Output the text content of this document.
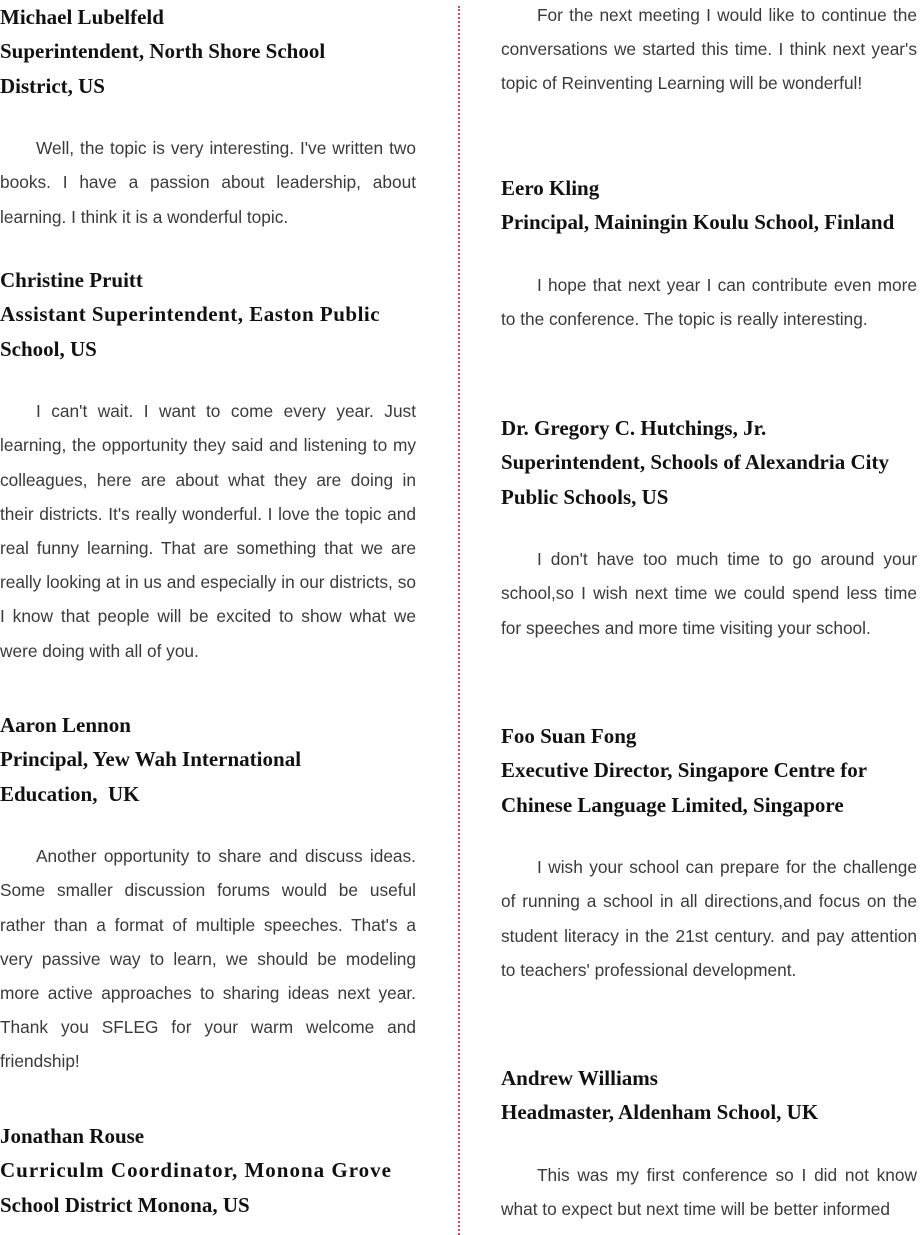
Michael Lubelfeld
Superintendent, North Shore School
District, US

Well, the topic is very interesting. I've written two books. I have a passion about leadership, about learning. I think it is a wonderful topic.

Christine Pruitt
Assistant Superintendent, Easton Public
School, US

I can't wait. I want to come every year. Just learning, the opportunity they said and listening to my colleagues, here are about what they are doing in their districts. It's really wonderful. I love the topic and real funny learning. That are something that we are really looking at in us and especially in our districts, so I know that people will be excited to show what we were doing with all of you.

Aaron Lennon
Principal, Yew Wah International
Education,  UK

Another opportunity to share and discuss ideas. Some smaller discussion forums would be useful rather than a format of multiple speeches. That's a very passive way to learn, we should be modeling more active approaches to sharing ideas next year. Thank you SFLEG for your warm welcome and friendship!

Jonathan Rouse
Curriculm Coordinator, Monona Grove
School District Monona, US

For the next meeting I would like to continue the conversations we started this time. I think next year's topic of Reinventing Learning will be wonderful!

Eero Kling
Principal, Mainingin Koulu School, Finland

I hope that next year I can contribute even more to the conference. The topic is really interesting.

Dr. Gregory C. Hutchings, Jr.
Superintendent, Schools of Alexandria City
Public Schools, US

I don't have too much time to go around your school,so I wish next time we could spend less time for speeches and more time visiting your school.

Foo Suan Fong
Executive Director, Singapore Centre for
Chinese Language Limited, Singapore

I wish your school can prepare for the challenge of running a school in all directions,and focus on the student literacy in the 21st century. and pay attention to teachers' professional development.

Andrew Williams
Headmaster, Aldenham School, UK

This was my first conference so I did not know what to expect but next time will be better informed
